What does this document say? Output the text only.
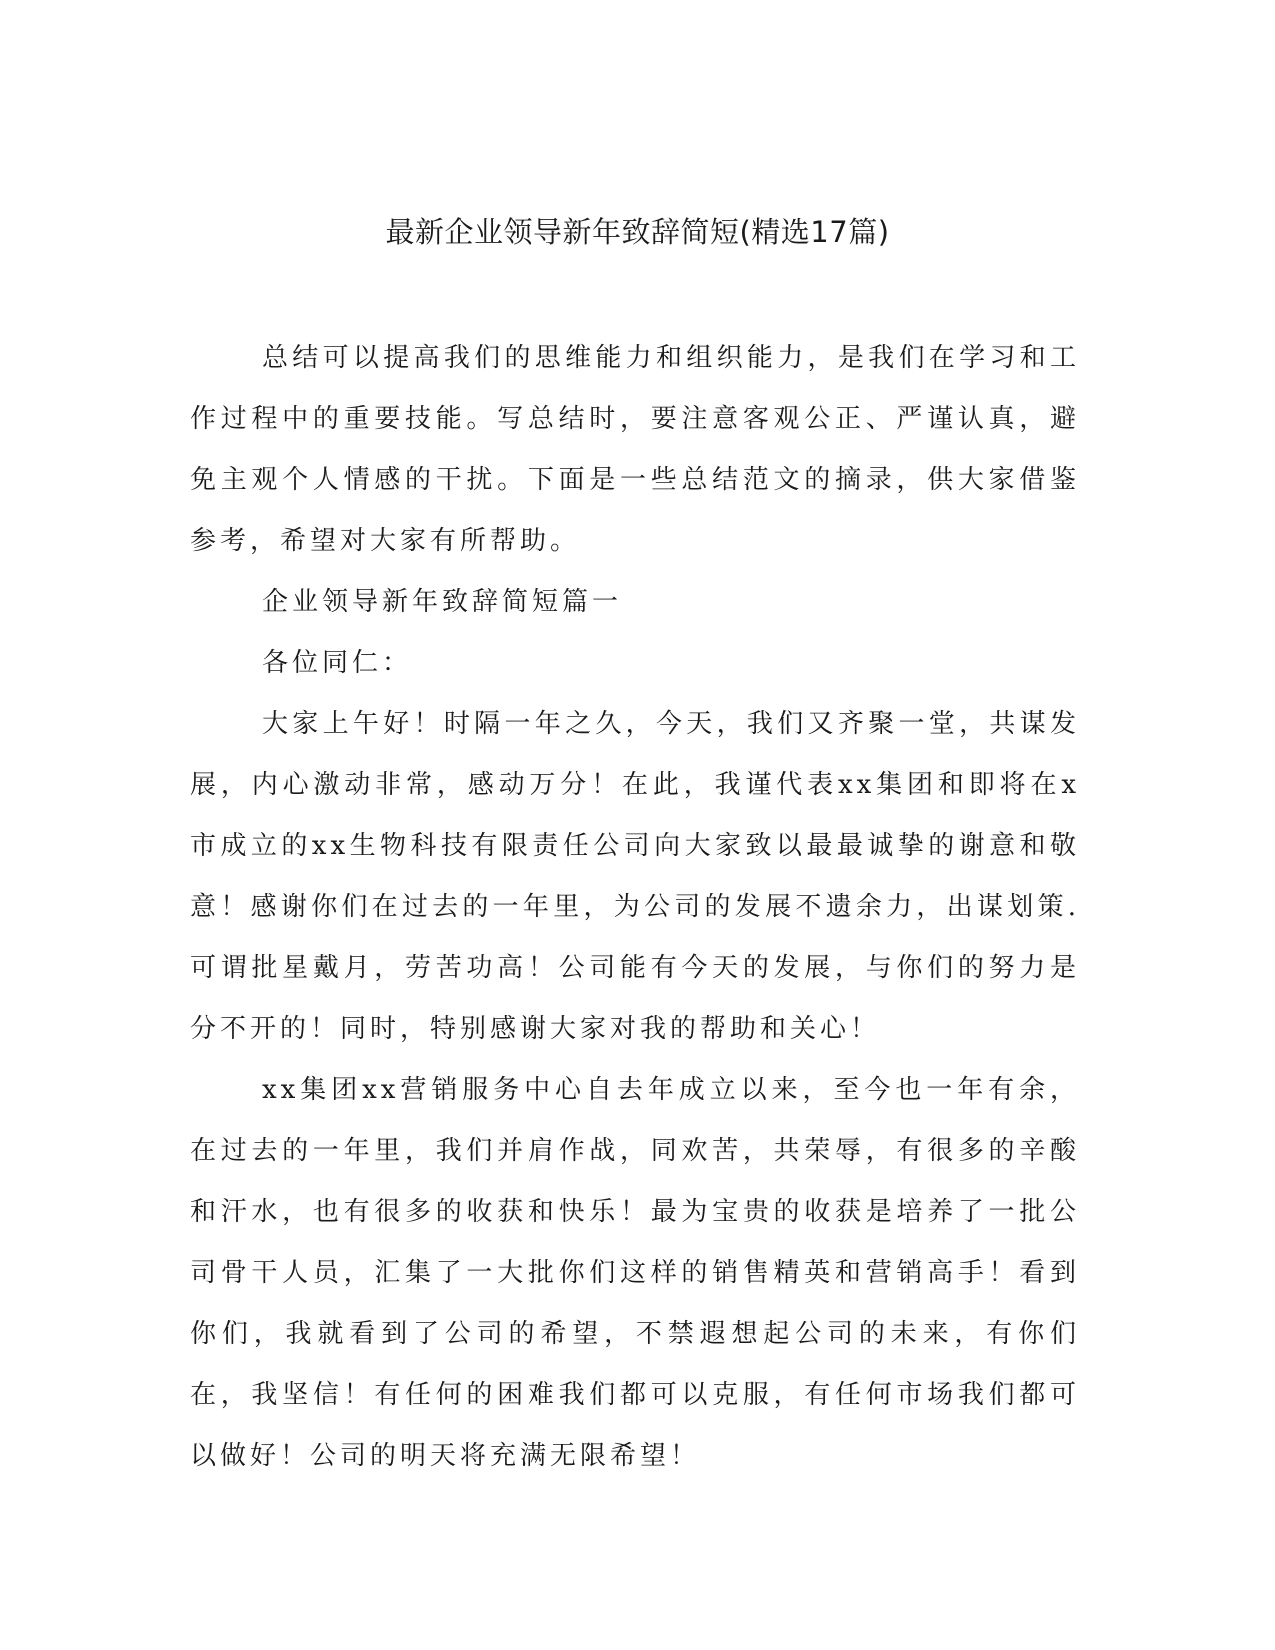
最新企业领导新年致辞简短(精选17篇)

总结可以提高我们的思维能力和组织能力，是我们在学习和工作过程中的重要技能。写总结时，要注意客观公正、严谨认真，避免主观个人情感的干扰。下面是一些总结范文的摘录，供大家借鉴参考，希望对大家有所帮助。

企业领导新年致辞简短篇一

各位同仁：

大家上午好！时隔一年之久，今天，我们又齐聚一堂，共谋发展，内心激动非常，感动万分！在此，我谨代表xx集团和即将在x市成立的xx生物科技有限责任公司向大家致以最最诚挚的谢意和敬意！感谢你们在过去的一年里，为公司的发展不遗余力，出谋划策.可谓批星戴月，劳苦功高！公司能有今天的发展，与你们的努力是分不开的！同时，特别感谢大家对我的帮助和关心！

xx集团xx营销服务中心自去年成立以来，至今也一年有余，在过去的一年里，我们并肩作战，同欢苦，共荣辱，有很多的辛酸和汗水，也有很多的收获和快乐！最为宝贵的收获是培养了一批公司骨干人员，汇集了一大批你们这样的销售精英和营销高手！看到你们，我就看到了公司的希望，不禁遐想起公司的未来，有你们在，我坚信！有任何的困难我们都可以克服，有任何市场我们都可以做好！公司的明天将充满无限希望！
